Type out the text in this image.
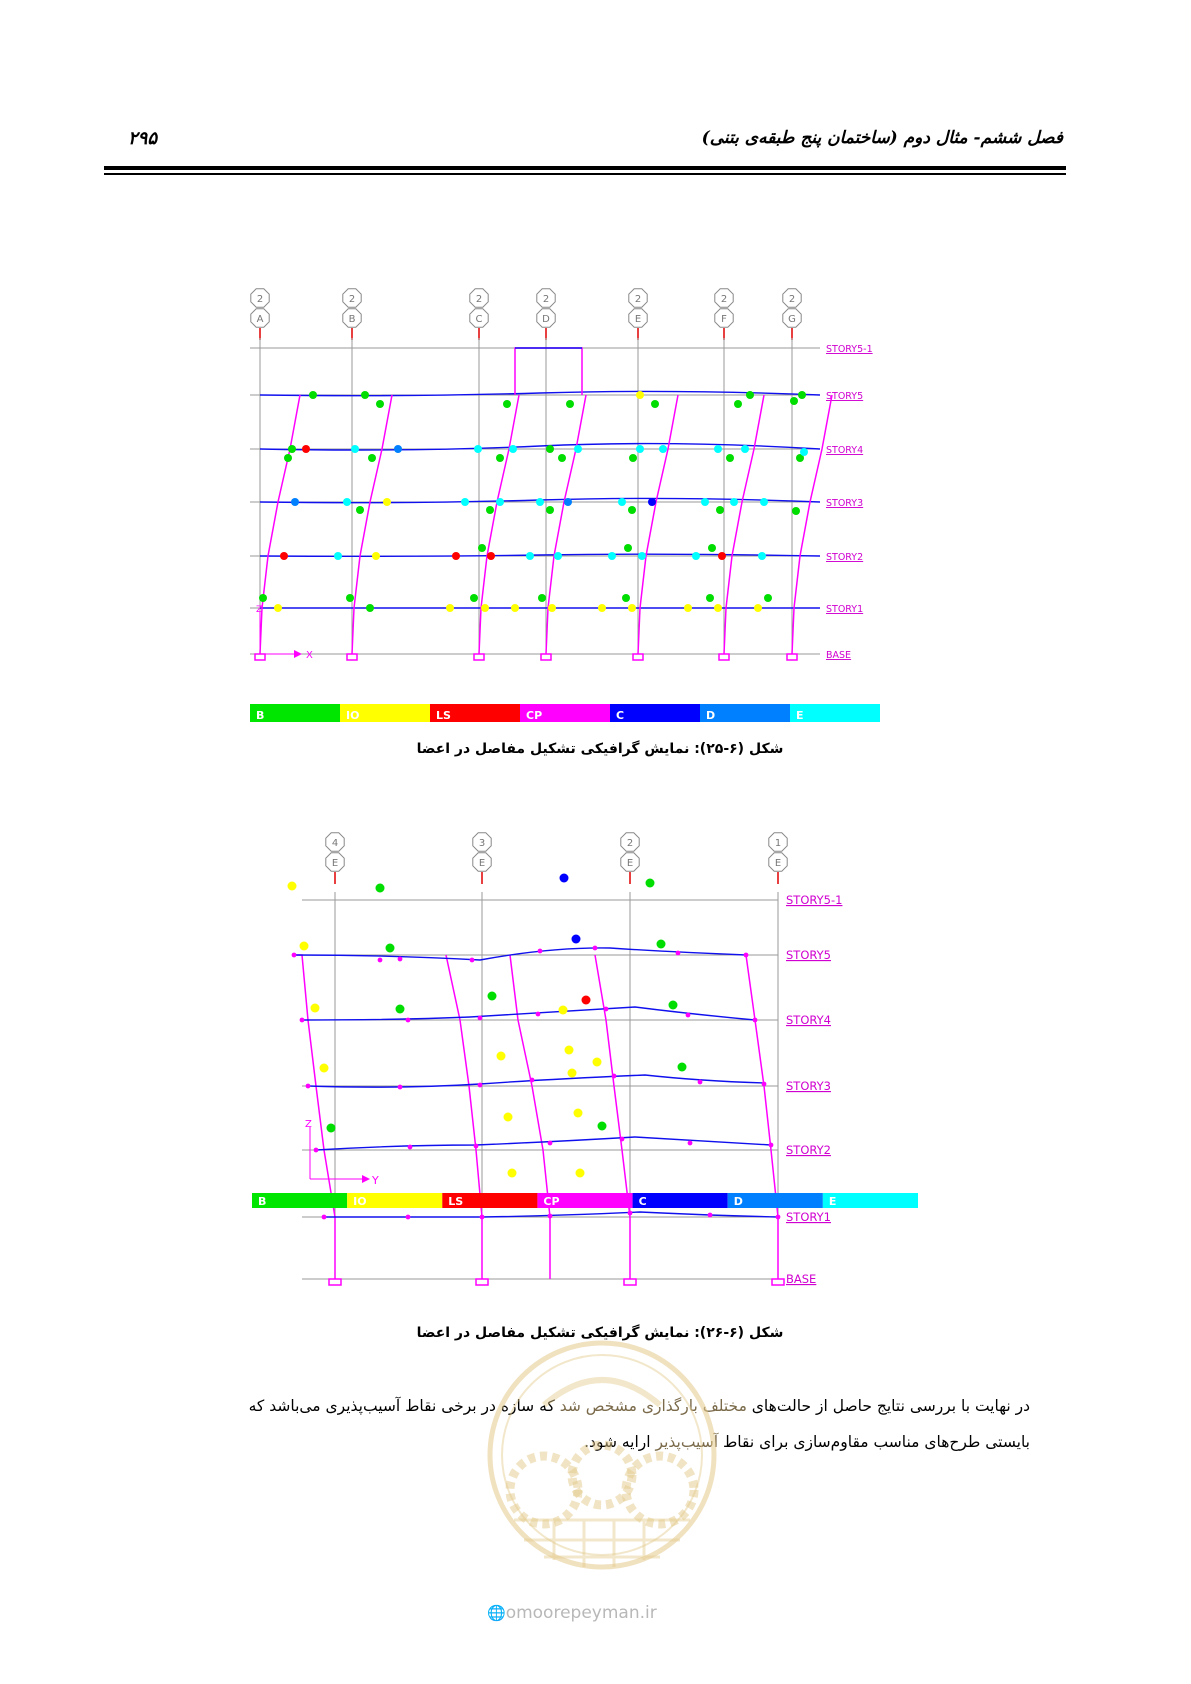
فصل ششم- مثال دوم (ساختمان پنج طبقه‌ی بتنی)
۲۹۵
2
A
2
B
2
C
2
D
2
E
2
F
2
G
STORY5-1
STORY5
STORY4
STORY3
STORY2
STORY1
BASE
X
Z
B	IO	LS	CP	C	D	E
شکل (۶-۲۵): نمایش گرافیکی تشکیل مفاصل در اعضا
4
E
3
E
2
E
1
E
STORY5-1
STORY5
STORY4
STORY3
STORY2
STORY1
BASE
Y
Z
B	IO	LS	CP	C	D	E
شکل (۶-۲۶): نمایش گرافیکی تشکیل مفاصل در اعضا
در نهایت با بررسی نتایج حاصل از حالت‌های مختلف بارگذاری مشخص شد که سازه در برخی نقاط آسیب‌پذیری می‌باشد که
بایستی طرح‌های مناسب مقاوم‌سازی برای نقاط آسیب‌پذیر ارایه شود.
🌐omoorepeyman.ir
